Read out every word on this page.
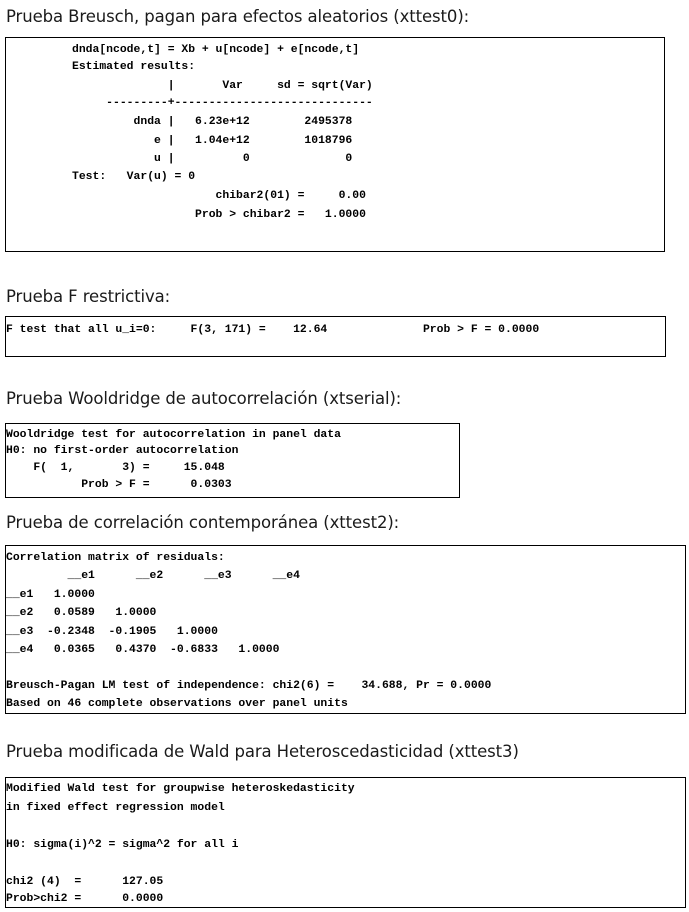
Prueba Breusch, pagan para efectos aleatorios (xttest0):
dnda[ncode,t] = Xb + u[ncode] + e[ncode,t]
Estimated results:
|       Var     sd = sqrt(Var)
---------+-----------------------------
dnda |   6.23e+12        2495378
e |   1.04e+12        1018796
u |          0              0
Test:   Var(u) = 0
chibar2(01) =     0.00
Prob > chibar2 =   1.0000
Prueba F restrictiva:
F test that all u_i=0:     F(3, 171) =    12.64              Prob > F = 0.0000
Prueba Wooldridge de autocorrelación (xtserial):
Wooldridge test for autocorrelation in panel data
H0: no first-order autocorrelation
F(  1,       3) =     15.048
Prob > F =      0.0303
Prueba de correlación contemporánea (xttest2):
Correlation matrix of residuals:
__e1      __e2      __e3      __e4
__e1   1.0000
__e2   0.0589   1.0000
__e3  -0.2348  -0.1905   1.0000
__e4   0.0365   0.4370  -0.6833   1.0000
Breusch-Pagan LM test of independence: chi2(6) =    34.688, Pr = 0.0000
Based on 46 complete observations over panel units
Prueba modificada de Wald para Heteroscedasticidad (xttest3)
Modified Wald test for groupwise heteroskedasticity
in fixed effect regression model
H0: sigma(i)^2 = sigma^2 for all i
chi2 (4)  =      127.05
Prob>chi2 =      0.0000
